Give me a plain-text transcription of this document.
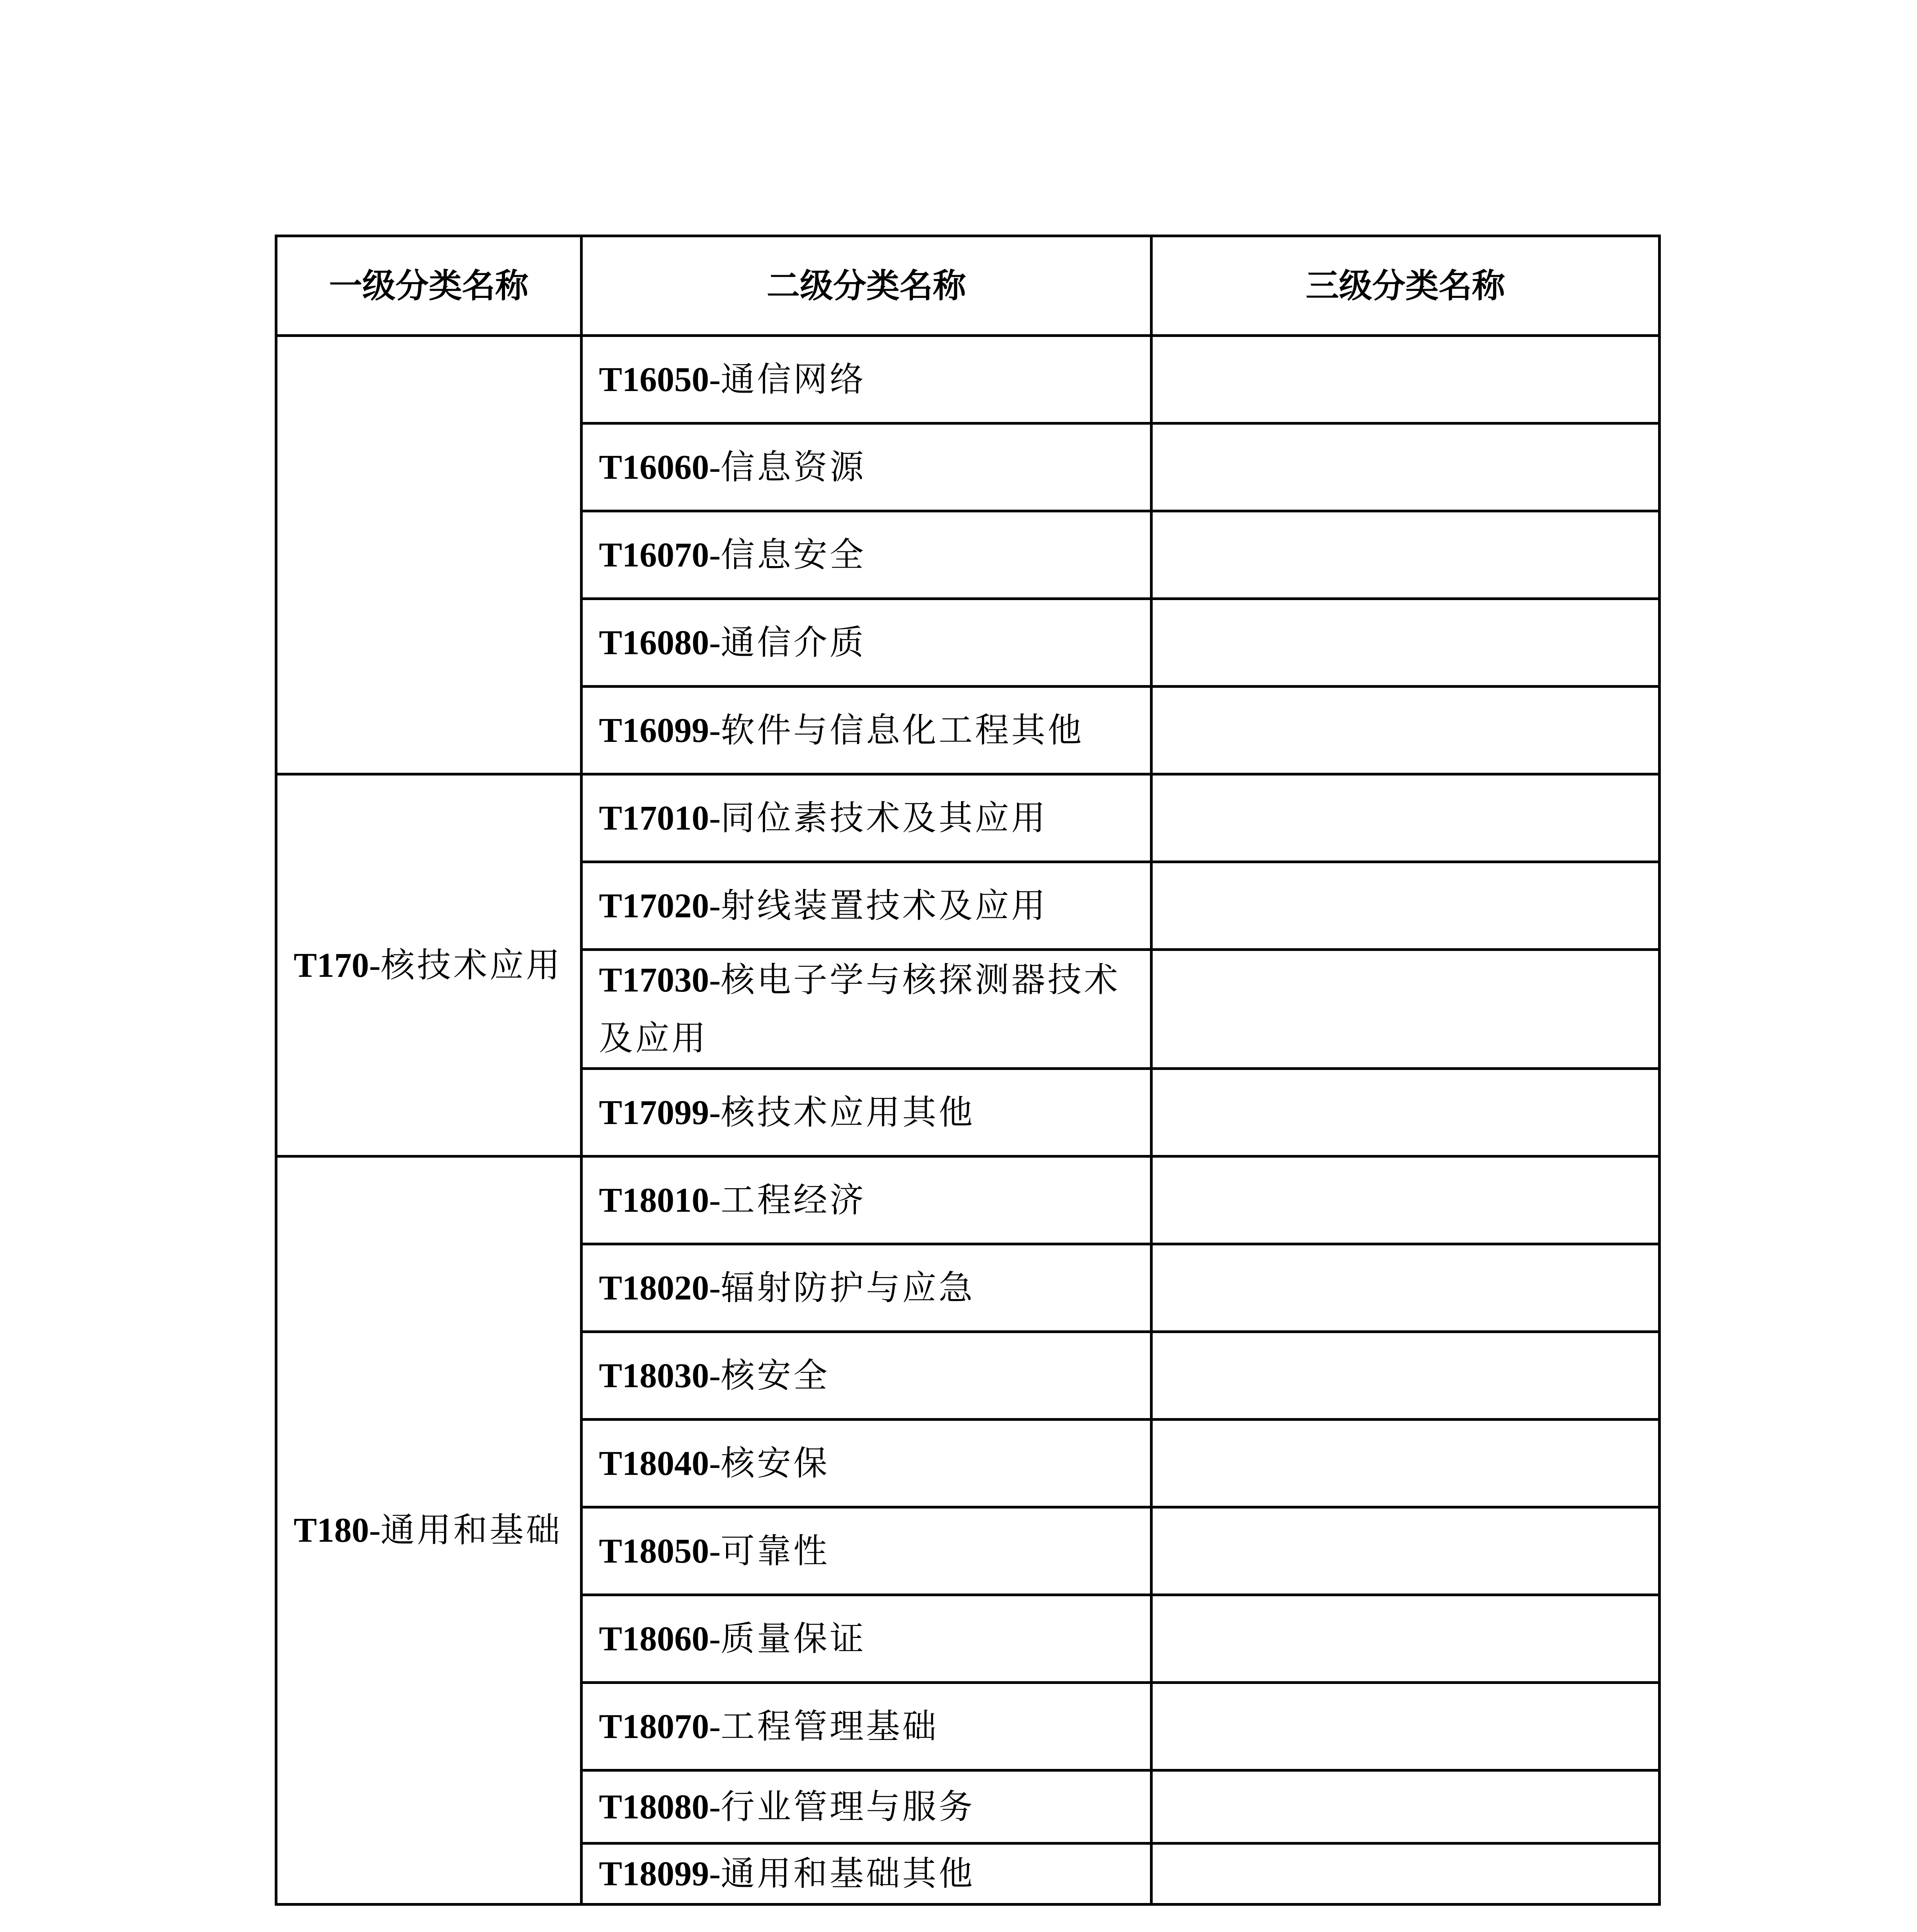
一级分类名称	二级分类名称	三级分类名称
	T16050-通信网络	
	T16060-信息资源	
	T16070-信息安全	
	T16080-通信介质	
	T16099-软件与信息化工程其他	
T170-核技术应用	T17010-同位素技术及其应用	
	T17020-射线装置技术及应用	
	T17030-核电子学与核探测器技术及应用	
	T17099-核技术应用其他	
T180-通用和基础	T18010-工程经济	
	T18020-辐射防护与应急	
	T18030-核安全	
	T18040-核安保	
	T18050-可靠性	
	T18060-质量保证	
	T18070-工程管理基础	
	T18080-行业管理与服务	
	T18099-通用和基础其他	
